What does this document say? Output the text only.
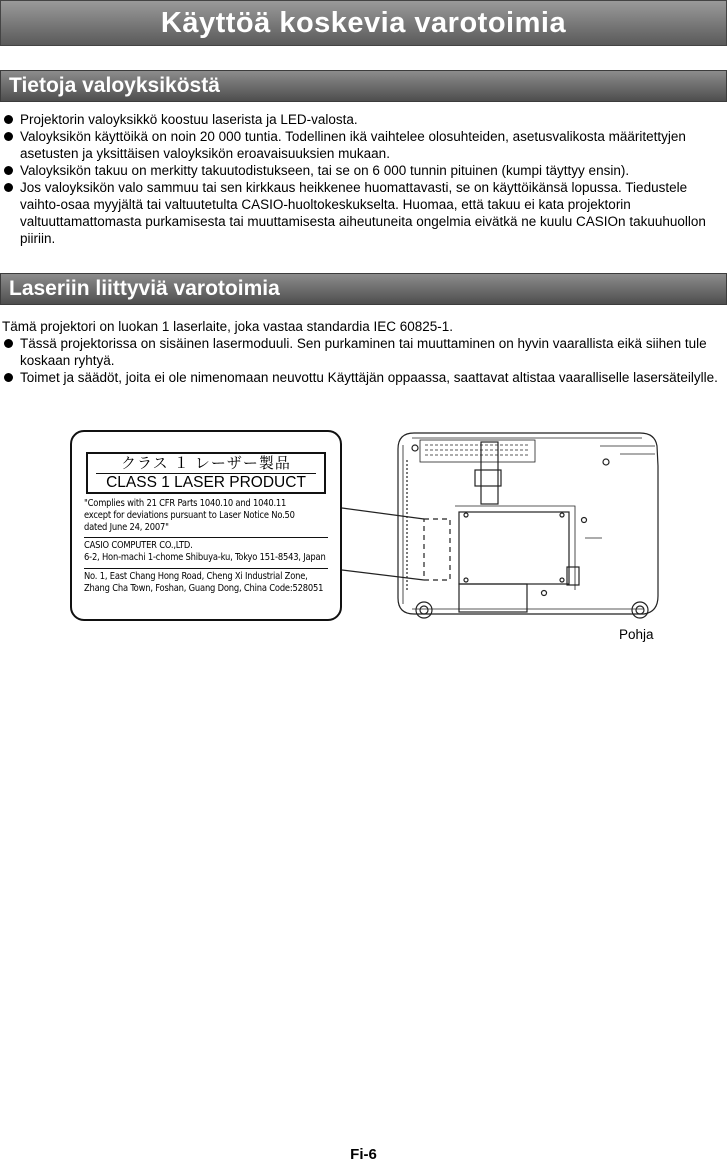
Käyttöä koskevia varotoimia
Tietoja valoyksiköstä
Projektorin valoyksikkö koostuu laserista ja LED-valosta.
Valoyksikön käyttöikä on noin 20 000 tuntia. Todellinen ikä vaihtelee olosuhteiden, asetusvalikosta määritettyjen asetusten ja yksittäisen valoyksikön eroavaisuuksien mukaan.
Valoyksikön takuu on merkitty takuutodistukseen, tai se on 6 000 tunnin pituinen (kumpi täyttyy ensin).
Jos valoyksikön valo sammuu tai sen kirkkaus heikkenee huomattavasti, se on käyttöikänsä lopussa. Tiedustele vaihto-osaa myyjältä tai valtuutetulta CASIO-huoltokeskukselta. Huomaa, että takuu ei kata projektorin valtuuttamattomasta purkamisesta tai muuttamisesta aiheutuneita ongelmia eivätkä ne kuulu CASIOn takuuhuollon piiriin.
Laseriin liittyviä varotoimia
Tämä projektori on luokan 1 laserlaite, joka vastaa standardia IEC 60825-1.
Tässä projektorissa on sisäinen lasermoduuli. Sen purkaminen tai muuttaminen on hyvin vaarallista eikä siihen tule koskaan ryhtyä.
Toimet ja säädöt, joita ei ole nimenomaan neuvottu Käyttäjän oppaassa, saattavat altistaa vaaralliselle lasersäteilylle.
クラス １ レーザー製品
CLASS 1 LASER PRODUCT
"Complies with 21 CFR Parts 1040.10 and 1040.11
except for deviations pursuant to Laser Notice No.50
dated June 24, 2007"
CASIO COMPUTER CO.,LTD.
6-2, Hon-machi 1-chome Shibuya-ku, Tokyo 151-8543, Japan
No. 1, East Chang Hong Road, Cheng Xi Industrial Zone,
Zhang Cha Town, Foshan, Guang Dong, China Code:528051
Pohja
Fi-6
